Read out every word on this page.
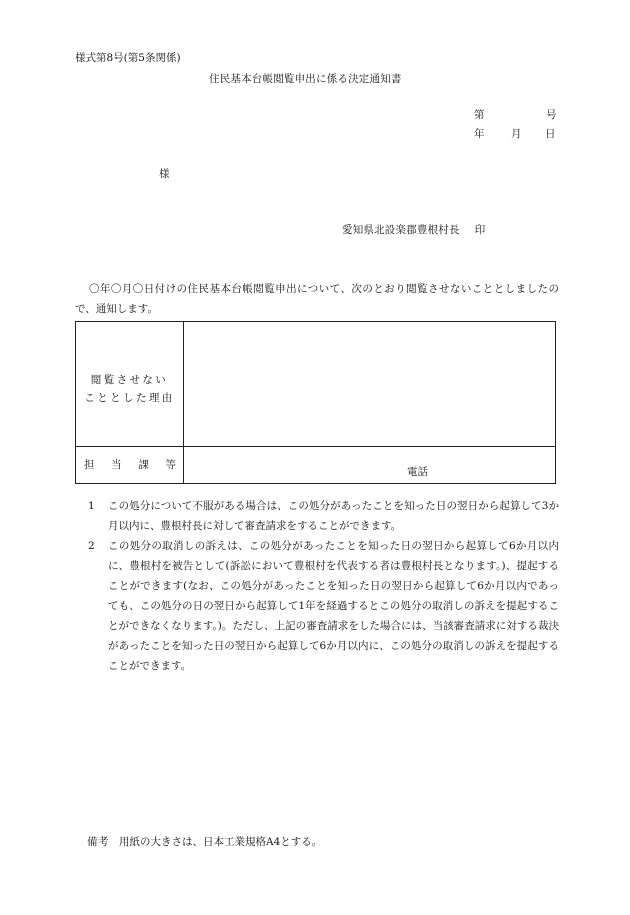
様式第8号(第5条関係)
住民基本台帳閲覧申出に係る決定通知書
第	号
年	月 日
様
愛知県北設楽郡豊根村長 印
〇年〇月〇日付けの住民基本台帳閲覧申出について、次のとおり閲覧させないこととしましたので、通知します。
閲覧させない
こととした理由
担 当 課 等
電話
1 この処分について不服がある場合は、この処分があったことを知った日の翌日から起算して3か月以内に、豊根村長に対して審査請求をすることができます。
2 この処分の取消しの訴えは、この処分があったことを知った日の翌日から起算して6か月以内に、豊根村を被告として(訴訟において豊根村を代表する者は豊根村長となります。)、提起することができます(なお、この処分があったことを知った日の翌日から起算して6か月以内であっても、この処分の日の翌日から起算して1年を経過するとこの処分の取消しの訴えを提起することができなくなります。)。ただし、上記の審査請求をした場合には、当該審査請求に対する裁決があったことを知った日の翌日から起算して6か月以内に、この処分の取消しの訴えを提起することができます。
備考 用紙の大きさは、日本工業規格A4とする。
